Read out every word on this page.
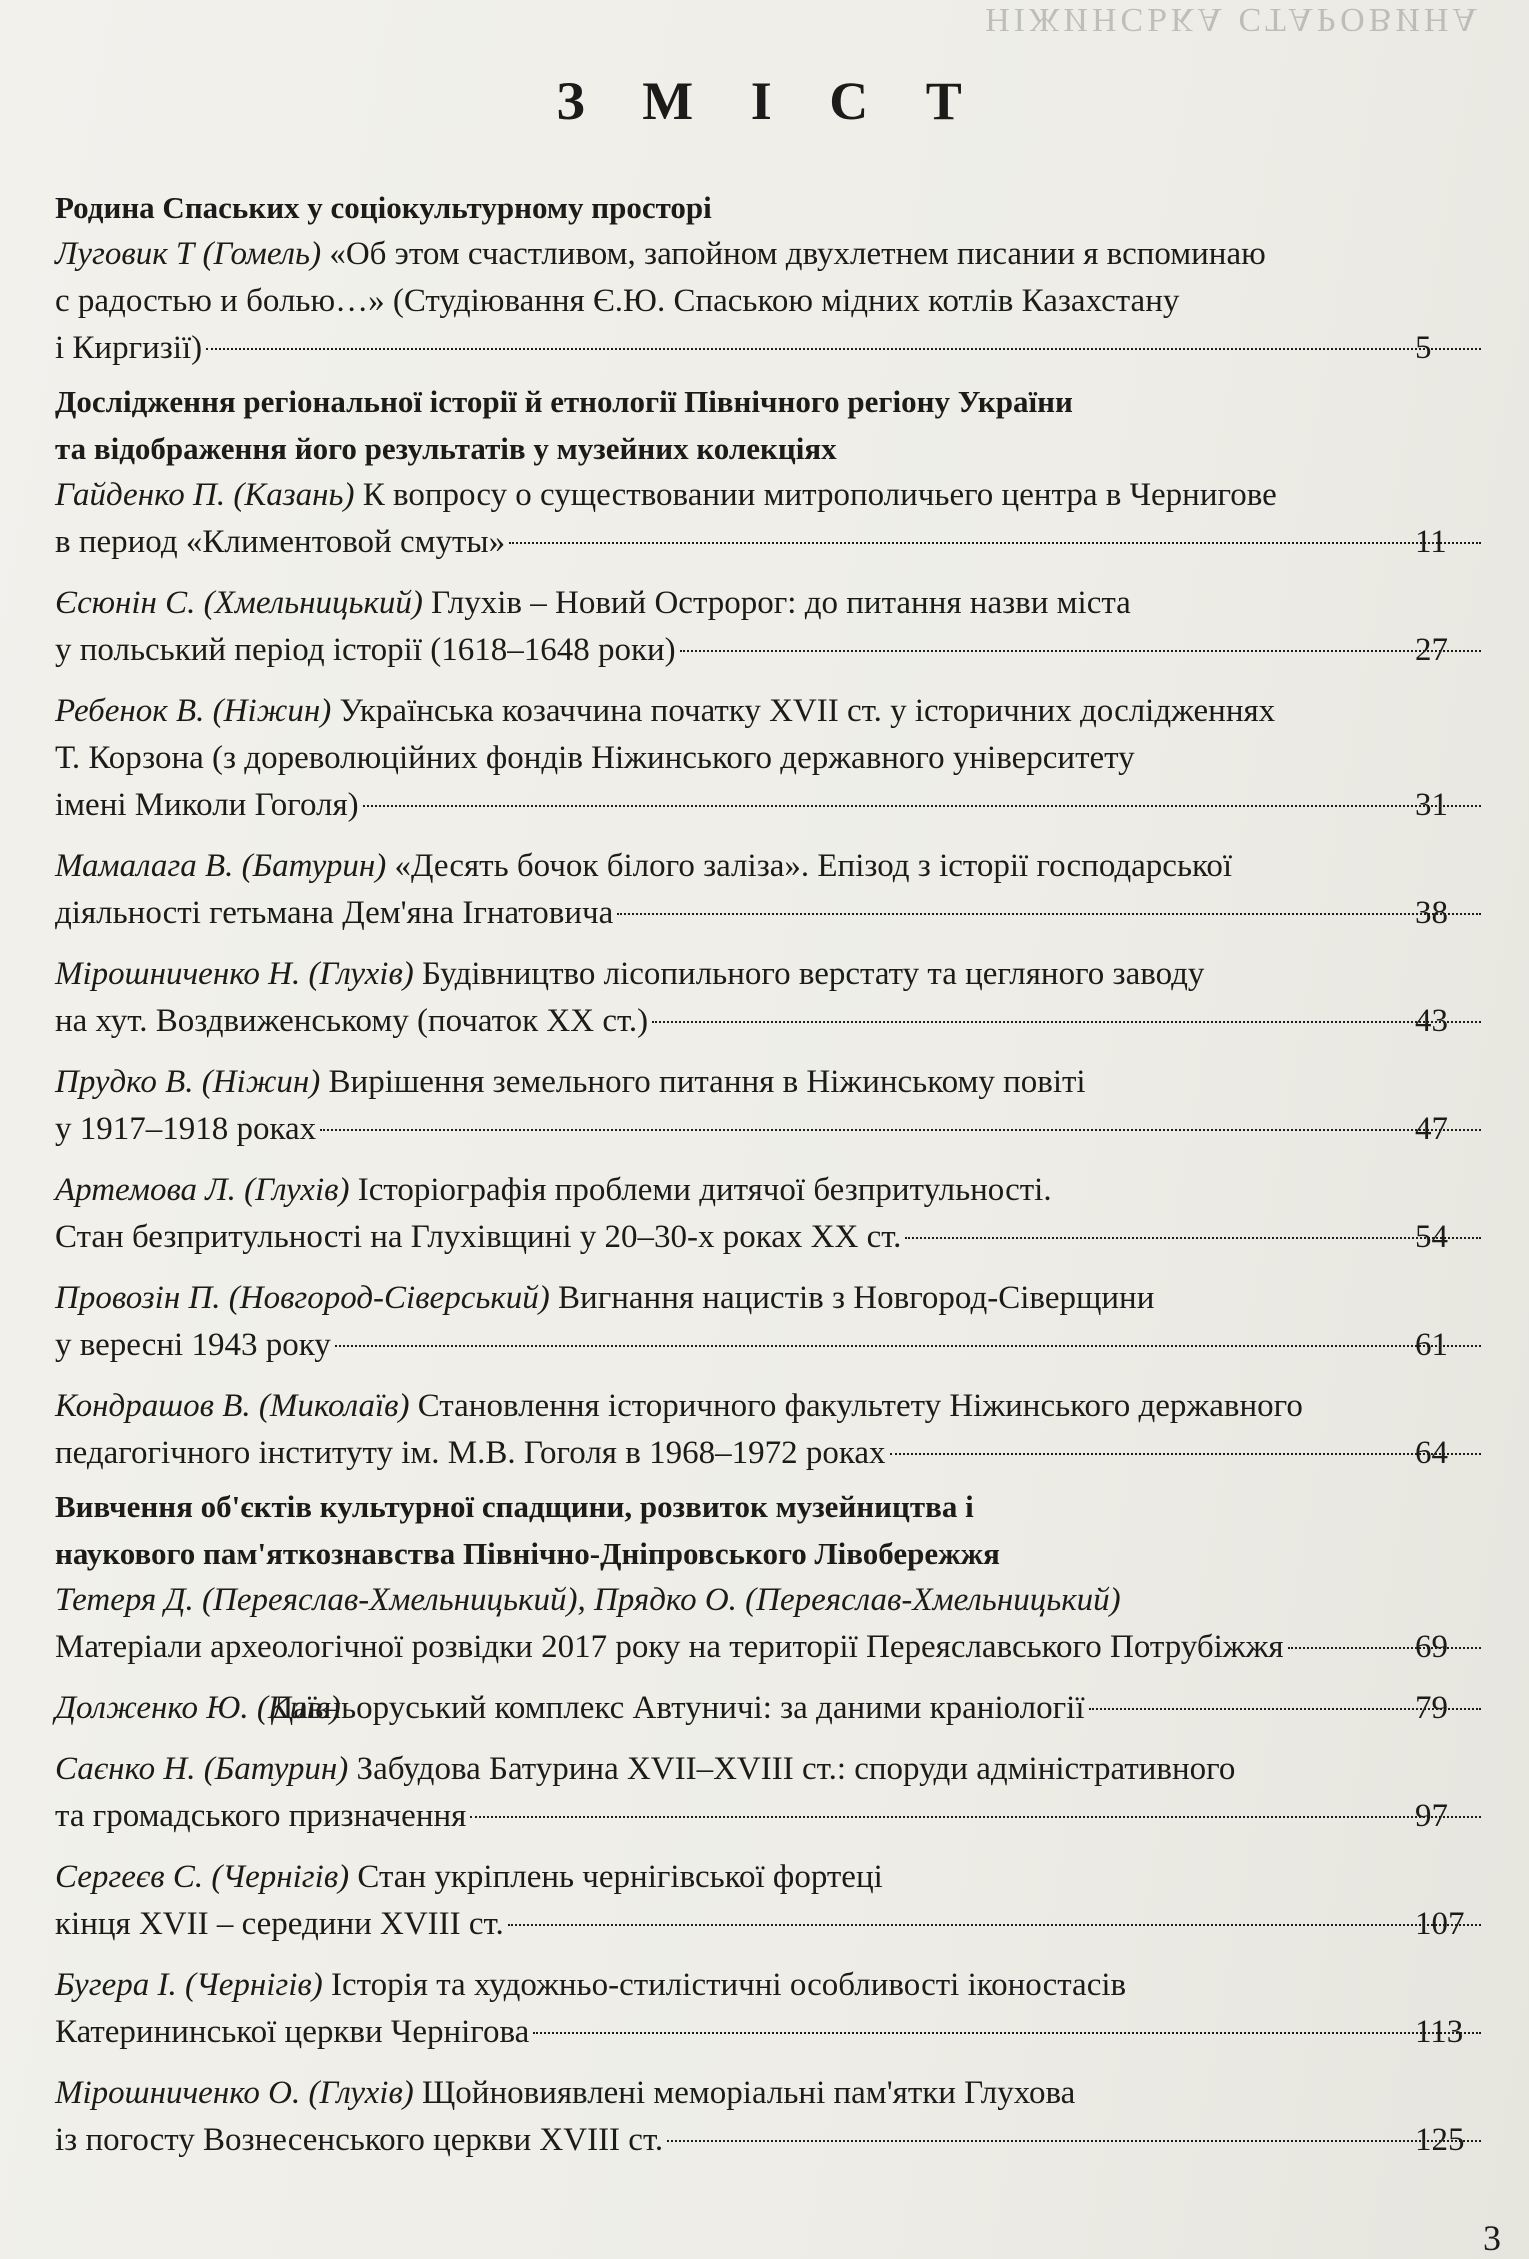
НІЖИНСЬКА СТАРОВИНА
З М І С Т
Родина Спаських у соціокультурному просторі
Луговик Т (Гомель) «Об этом счастливом, запойном двухлетнем писании я вспоминаю
с радостью и болью…» (Студіювання Є.Ю. Спаською мідних котлів Казахстану
і Киргизії)	5
Дослідження регіональної історії й етнології Північного регіону України
та відображення його результатів у музейних колекціях
Гайденко П. (Казань) К вопросу о существовании митрополичьего центра в Чернигове
в период «Климентовой смуты»	11
Єсюнін С. (Хмельницький) Глухів – Новий Остророг: до питання назви міста
у польський період історії (1618–1648 роки)	27
Ребенок В. (Ніжин) Українська козаччина початку XVII ст. у історичних дослідженнях
Т. Корзона (з дореволюційних фондів Ніжинського державного університету
імені Миколи Гоголя)	31
Мамалага В. (Батурин) «Десять бочок білого заліза». Епізод з історії господарської
діяльності гетьмана Дем'яна Ігнатовича	38
Мірошниченко Н. (Глухів) Будівництво лісопильного верстату та цегляного заводу
на хут. Воздвиженському (початок XX ст.)	43
Прудко В. (Ніжин) Вирішення земельного питання в Ніжинському повіті
у 1917–1918 роках	47
Артемова Л. (Глухів) Історіографія проблеми дитячої безпритульності.
Стан безпритульності на Глухівщині у 20–30-х роках XX ст.	54
Провозін П. (Новгород-Сіверський) Вигнання нацистів з Новгород-Сіверщини
у вересні 1943 року	61
Кондрашов В. (Миколаїв) Становлення історичного факультету Ніжинського державного
педагогічного інституту ім. М.В. Гоголя в 1968–1972 роках	64
Вивчення об'єктів культурної спадщини, розвиток музейництва і
наукового пам'яткознавства Північно-Дніпровського Лівобережжя
Тетеря Д. (Переяслав-Хмельницький), Прядко О. (Переяслав-Хмельницький)
Матеріали археологічної розвідки 2017 року на території Переяславського Потрубіжжя	69
Долженко Ю. (Київ)
Давньоруський комплекс Автуничі: за даними краніології	79
Саєнко Н. (Батурин) Забудова Батурина XVII–XVIII ст.: споруди адміністративного
та громадського призначення	97
Сергеєв С. (Чернігів) Стан укріплень чернігівської фортеці
кінця XVII – середини XVIII ст.	107
Бугера І. (Чернігів) Історія та художньо-стилістичні особливості іконостасів
Катерининської церкви Чернігова	113
Мірошниченко О. (Глухів) Щойновиявлені меморіальні пам'ятки Глухова
із погосту Вознесенського церкви XVIII ст.	125
3
